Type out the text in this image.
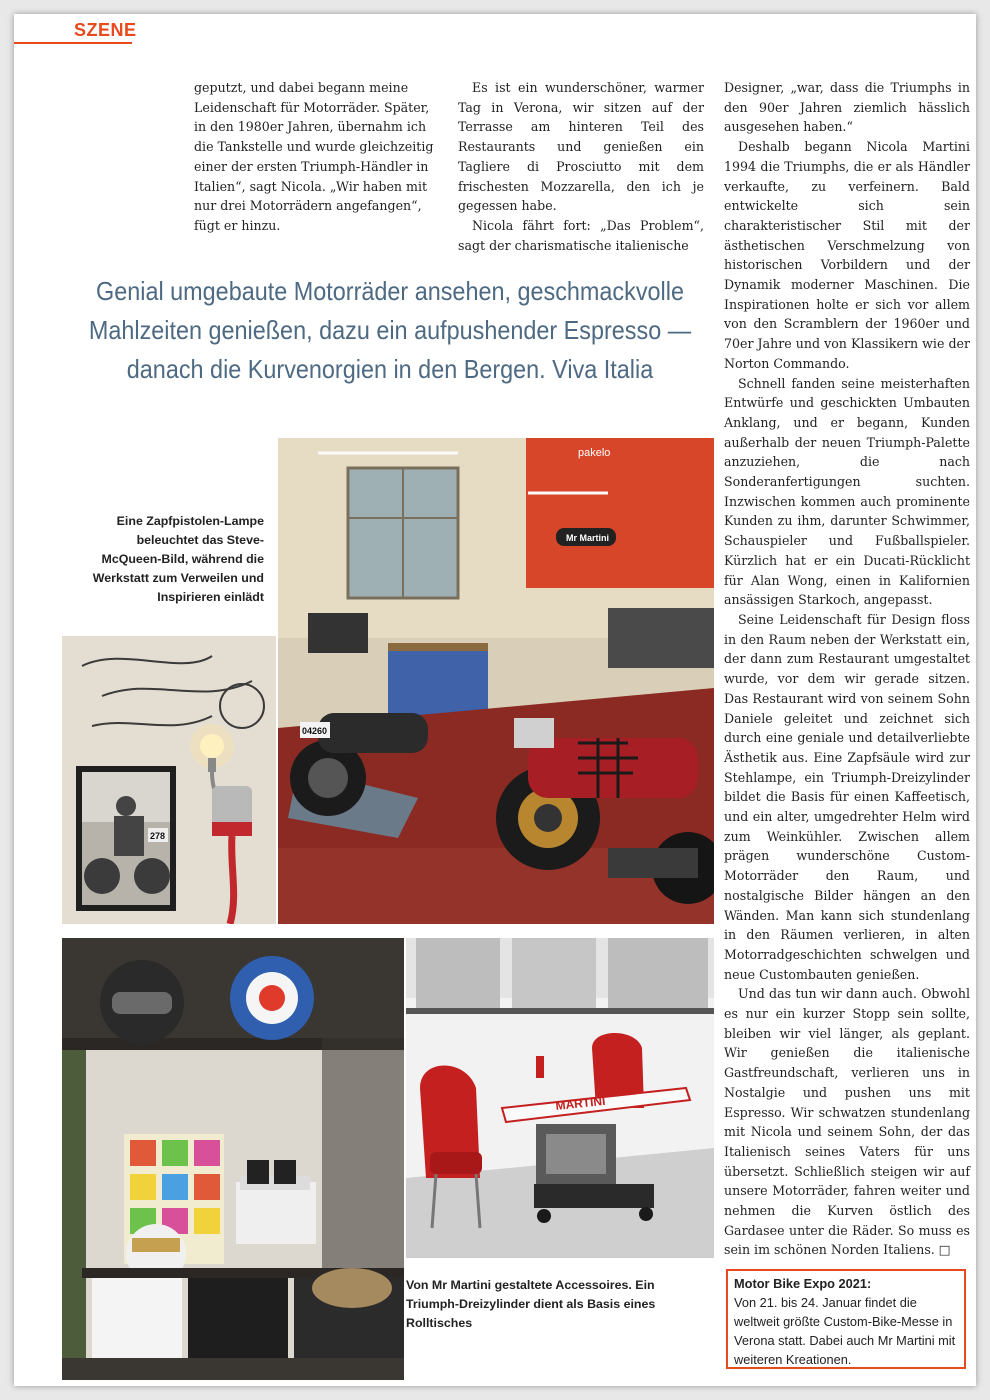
SZENE

geputzt, und dabei begann meine Leidenschaft für Motorräder. Später, in den 1980er Jahren, übernahm ich die Tankstelle und wurde gleichzeitig einer der ersten Triumph-Händler in Italien“, sagt Nicola. „Wir haben mit nur drei Motorrädern angefangen“, fügt er hinzu.

Es ist ein wunderschöner, warmer Tag in Verona, wir sitzen auf der Terrasse am hinteren Teil des Restaurants und genießen ein Tagliere di Prosciutto mit dem frischesten Mozzarella, den ich je gegessen habe.

Nicola fährt fort: „Das Problem“, sagt der charismatische italienische

Designer, „war, dass die Triumphs in den 90er Jahren ziemlich hässlich ausgesehen haben.“

Deshalb begann Nicola Martini 1994 die Triumphs, die er als Händler verkaufte, zu verfeinern. Bald entwickelte sich sein charakteristischer Stil mit der ästhetischen Verschmelzung von historischen Vorbildern und der Dynamik moderner Maschinen. Die Inspirationen holte er sich vor allem von den Scramblern der 1960er und 70er Jahre und von Klassikern wie der Norton Commando.

Schnell fanden seine meisterhaften Entwürfe und geschickten Umbauten Anklang, und er begann, Kunden außerhalb der neuen Triumph-Palette anzuziehen, die nach Sonderanfertigungen suchten. Inzwischen kommen auch prominente Kunden zu ihm, darunter Schwimmer, Schauspieler und Fußballspieler. Kürzlich hat er ein Ducati-Rücklicht für Alan Wong, einen in Kalifornien ansässigen Starkoch, angepasst.

Seine Leidenschaft für Design floss in den Raum neben der Werkstatt ein, der dann zum Restaurant umgestaltet wurde, vor dem wir gerade sitzen. Das Restaurant wird von seinem Sohn Daniele geleitet und zeichnet sich durch eine geniale und detailverliebte Ästhetik aus. Eine Zapfsäule wird zur Stehlampe, ein Triumph-Dreizylinder bildet die Basis für einen Kaffeetisch, und ein alter, umgedrehter Helm wird zum Weinkühler. Zwischen allem prägen wunderschöne Custom-Motorräder den Raum, und nostalgische Bilder hängen an den Wänden. Man kann sich stundenlang in den Räumen verlieren, in alten Motorradgeschichten schwelgen und neue Custombauten genießen.

Und das tun wir dann auch. Obwohl es nur ein kurzer Stopp sein sollte, bleiben wir viel länger, als geplant. Wir genießen die italienische Gastfreundschaft, verlieren uns in Nostalgie und pushen uns mit Espresso. Wir schwatzen stundenlang mit Nicola und seinem Sohn, der das Italienisch seines Vaters für uns übersetzt. Schließlich steigen wir auf unsere Motorräder, fahren weiter und nehmen die Kurven östlich des Gardasee unter die Räder. So muss es sein im schönen Norden Italiens. □

Genial umgebaute Motorräder ansehen, geschmackvolle Mahlzeiten genießen, dazu ein aufpushender Espresso — danach die Kurvenorgien in den Bergen. Viva Italia
Eine Zapfpistolen-Lampe beleuchtet das Steve-McQueen-Bild, während die Werkstatt zum Verweilen und Inspirieren einlädt
pakelo
Mr Martini
04260
278
MARTINI
Von Mr Martini gestaltete Accessoires. Ein Triumph-Dreizylinder dient als Basis eines Rolltisches
Motor Bike Expo 2021:
Von 21. bis 24. Januar findet die weltweit größte Custom-Bike-Messe in Verona statt. Dabei auch Mr Martini mit weiteren Kreationen.
